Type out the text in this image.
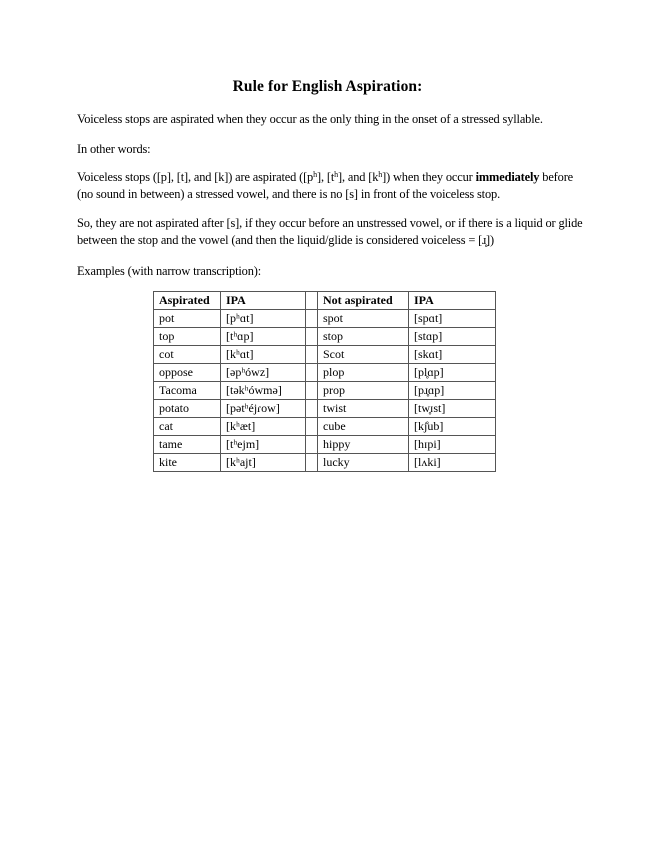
Rule for English Aspiration:
Voiceless stops are aspirated when they occur as the only thing in the onset of a stressed syllable.
In other words:
Voiceless stops ([p], [t], and [k]) are aspirated ($[p^h]$, $[t^h]$, and $[k^h]$) when they occur immediately before (no sound in between) a stressed vowel, and there is no [s] in front of the voiceless stop.
So, they are not aspirated after [s], if they occur before an unstressed vowel, or if there is a liquid or glide between the stop and the vowel (and then the liquid/glide is considered voiceless = [ɹ̥])
Examples (with narrow transcription):
Aspirated	IPA		Not aspirated	IPA
pot	[pʰɑt]		spot	[spɑt]
top	[tʰɑp]		stop	[stɑp]
cot	[kʰɑt]		Scot	[skɑt]
oppose	[əpʰówz]		plop	[pl̥ɑp]
Tacoma	[təkʰówmə]		prop	[pɹ̥ɑp]
potato	[pətʰéjɾow]		twist	[tw̥ɪst]
cat	[kʰæt]		cube	[kj̊ub]
tame	[tʰejm]		hippy	[hɪpi]
kite	[kʰajt]		lucky	[lʌki]
